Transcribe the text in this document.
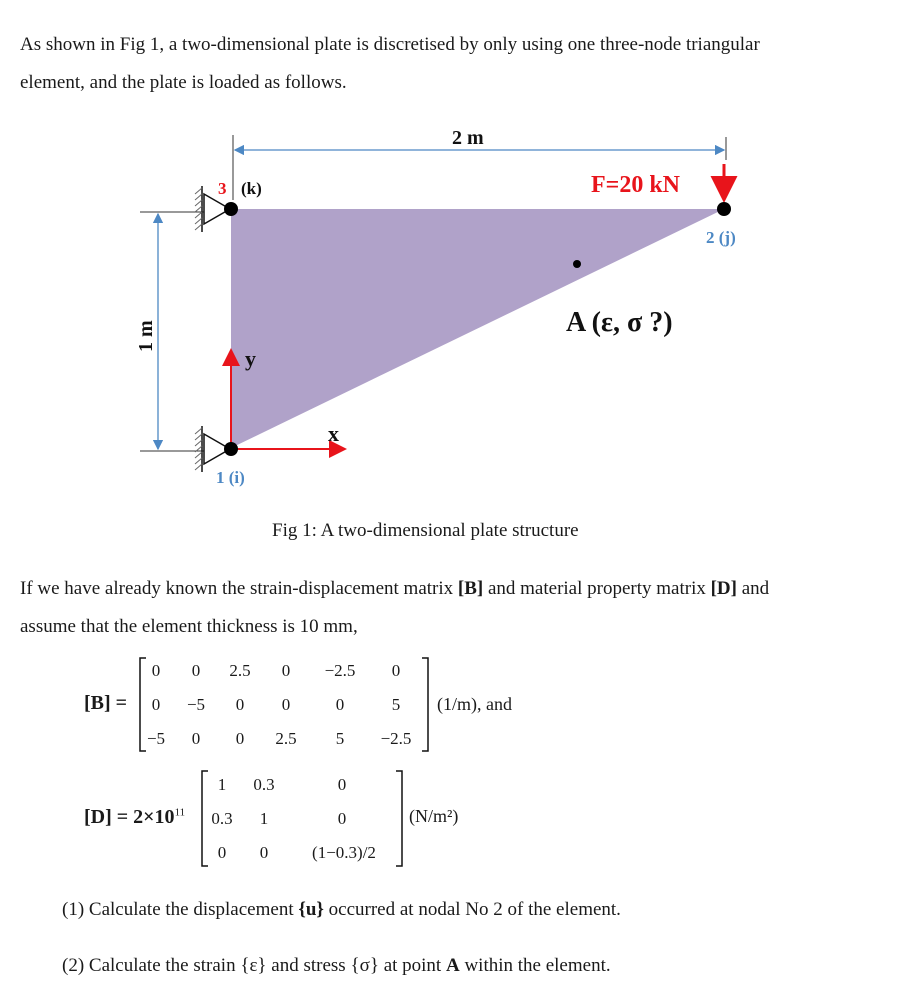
As shown in Fig 1, a two-dimensional plate is discretised by only using one three-node triangular
element, and the plate is loaded as follows.
2 m
1 m
3 (k)
1 (i)
2 (j)
F=20 kN
A (ε, σ ?)
x
y
Fig 1: A two-dimensional plate structure
If we have already known the strain-displacement matrix [B] and material property matrix [D] and
assume that the element thickness is 10 mm,
[B] =
0	0	2.5	0	−2.5	0
0	−5	0	0	0	5
−5	0	0	2.5	5	−2.5
(1/m), and
$[D] = 2\times 10^{11}$
1	0.3	0
0.3	1	0
0	0	(1−0.3)/2
(N/m²)
(1) Calculate the displacement {u} occurred at nodal No 2 of the element.
(2) Calculate the strain {ε} and stress {σ} at point A within the element.
